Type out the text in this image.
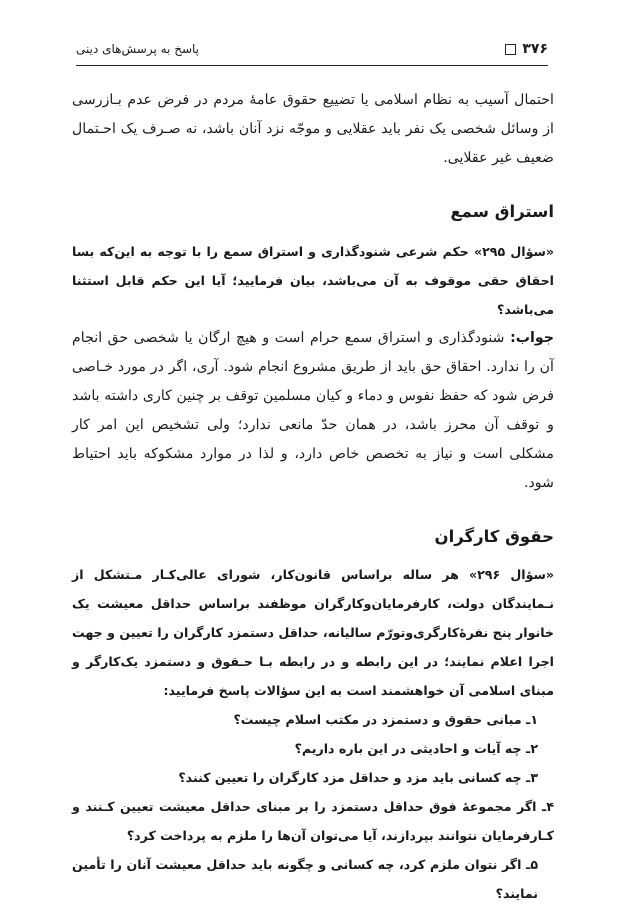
۳۷۶
پاسخ به پرسش‌های دینی

احتمال آسیب به نظام اسلامی یا تضییع حقوق عامهٔ مردم در فرض عدم بـازرسی از وسائل شخصی یک نفر باید عقلایی و موجّه نزد آنان باشد، نه صـرف یک احـتمال ضعیف غیر عقلایی.

استراق سمع

«سؤال ۲۹۵» حکم شرعی شنودگذاری و استراق سمع را با توجه به این‌که بسا احقاق حقی موقوف به آن می‌باشد، بیان فرمایید؛ آیا این حکم قابل استثنا می‌باشد؟

جواب: شنودگذاری و استراق سمع حرام است و هیچ ارگان یا شخصی حق انجام آن را ندارد. احقاق حق باید از طریق مشروع انجام شود. آری، اگر در مورد خـاصی فرض شود که حفظ نفوس و دماء و کیان مسلمین توقف بر چنین کاری داشته باشد و توقف آن محرز باشد، در همان حدّ مانعی ندارد؛ ولی تشخیص این امر کار مشکلی است و نیاز به تخصص خاص دارد، و لذا در موارد مشکوکه باید احتیاط شود.

حقوق کارگران

«سؤال ۲۹۶» هر ساله براساس قانون‌کار، شورای عالی‌کـار مـتشکل از نـمایندگان دولت، کارفرمایان‌و‌کارگران موظفند براساس حداقل معیشت یک خانوار پنج نفرهٔ‌کارگری‌و‌تورّم سالیانه، حداقل دستمزد کارگران را تعیین و جهت اجرا اعلام نمایند؛ در این رابطه و در رابطه بـا حـقوق و دستمزد یک‌کارگر و مبنای اسلامی آن خواهشمند است به این سؤالات پاسخ فرمایید:

۱ـ مبانی حقوق و دستمزد در مکتب اسلام چیست؟

۲ـ چه آیات و احادیثی در این باره داریم؟

۳ـ چه کسانی باید مزد و حداقل مزد کارگران را تعیین کنند؟

۴ـ اگر مجموعهٔ فوق حداقل دستمزد را بر مبنای حداقل معیشت تعیین کـنند و کـارفرمایان نتوانند بپردازند، آیا می‌توان آن‌ها را ملزم به پرداخت کرد؟

۵ـ اگر نتوان ملزم کرد، چه کسانی و چگونه باید حداقل معیشت آنان را تأمین نمایند؟
